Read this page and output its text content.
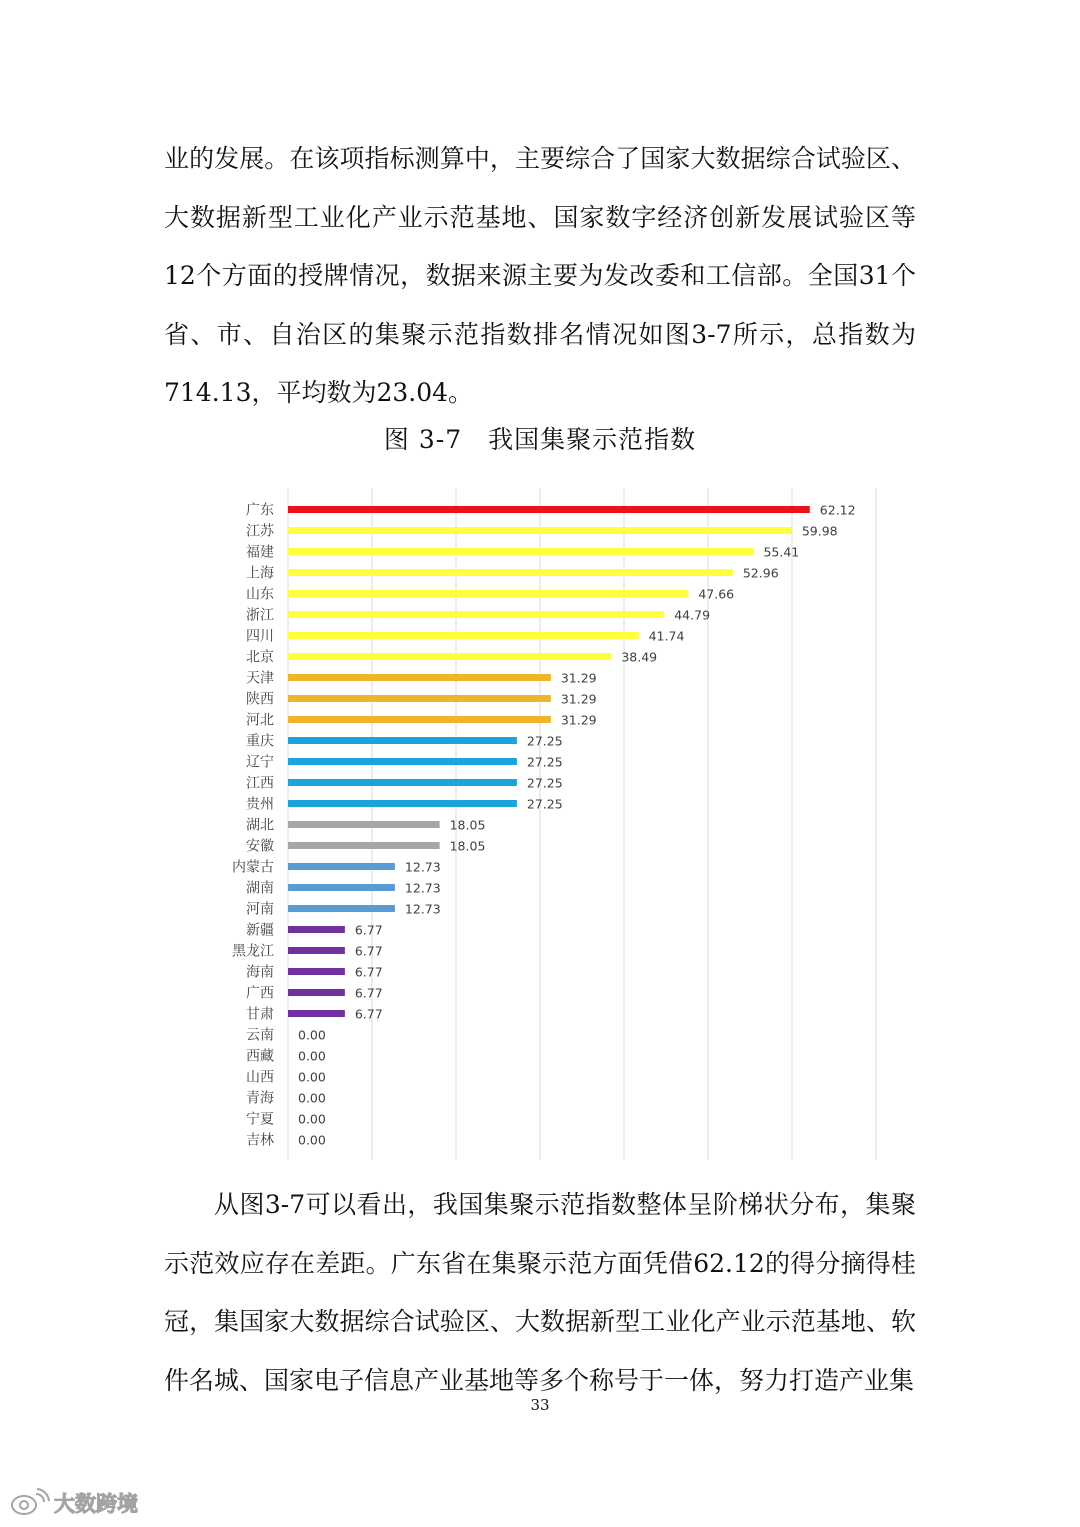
业的发展。在该项指标测算中，主要综合了国家大数据综合试验区、大数据新型工业化产业示范基地、国家数字经济创新发展试验区等12个方面的授牌情况，数据来源主要为发改委和工信部。全国31个省、市、自治区的集聚示范指数排名情况如图3-7所示，总指数为714.13，平均数为23.04。

图 3-7　我国集聚示范指数
广东	62.12
江苏	59.98
福建	55.41
上海	52.96
山东	47.66
浙江	44.79
四川	41.74
北京	38.49
天津	31.29
陕西	31.29
河北	31.29
重庆	27.25
辽宁	27.25
江西	27.25
贵州	27.25
湖北	18.05
安徽	18.05
内蒙古	12.73
湖南	12.73
河南	12.73
新疆	6.77
黑龙江	6.77
海南	6.77
广西	6.77
甘肃	6.77
云南 0.00
西藏 0.00
山西 0.00
青海 0.00
宁夏 0.00
吉林 0.00

从图3-7可以看出，我国集聚示范指数整体呈阶梯状分布，集聚示范效应存在差距。广东省在集聚示范方面凭借62.12的得分摘得桂冠，集国家大数据综合试验区、大数据新型工业化产业示范基地、软件名城、国家电子信息产业基地等多个称号于一体，努力打造产业集

33
大数跨境
